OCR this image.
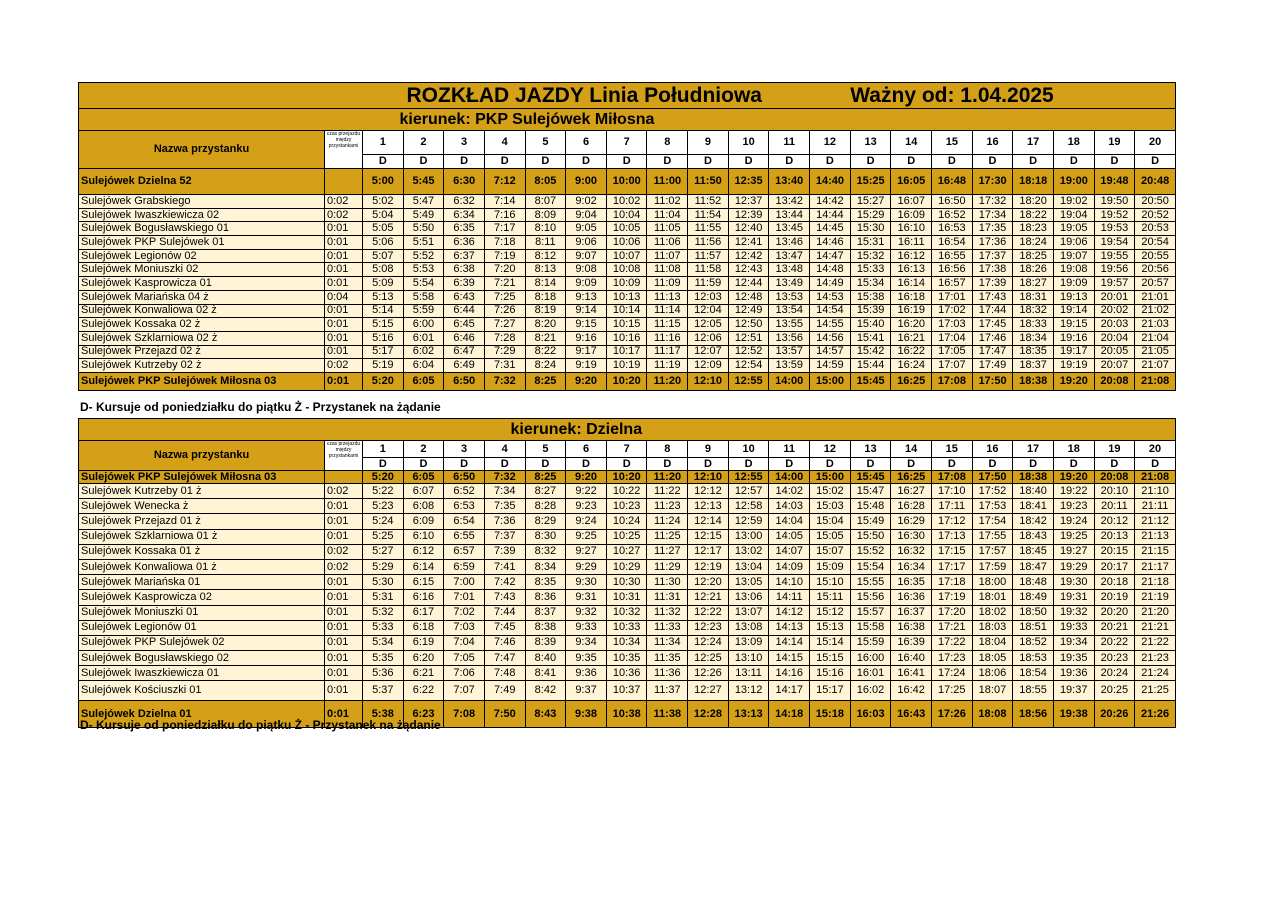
		ROZKŁAD JAZDY Linia Południowa												Ważny od: 1.04.2025							
		kierunek: PKP Sulejówek Miłosna																			
Nazwa przystanku	czas przejazdu między przystankami	1	2	3	4	5	6	7	8	9	10	11	12	13	14	15	16	17	18	19	20
		D	D	D	D	D	D	D	D	D	D	D	D	D	D	D	D	D	D	D	D
Sulejówek Dzielna 52		5:00	5:45	6:30	7:12	8:05	9:00	10:00	11:00	11:50	12:35	13:40	14:40	15:25	16:05	16:48	17:30	18:18	19:00	19:48	20:48
Sulejówek Grabskiego	0:02	5:02	5:47	6:32	7:14	8:07	9:02	10:02	11:02	11:52	12:37	13:42	14:42	15:27	16:07	16:50	17:32	18:20	19:02	19:50	20:50
Sulejówek Iwaszkiewicza 02	0:02	5:04	5:49	6:34	7:16	8:09	9:04	10:04	11:04	11:54	12:39	13:44	14:44	15:29	16:09	16:52	17:34	18:22	19:04	19:52	20:52
Sulejówek Bogusławskiego 01	0:01	5:05	5:50	6:35	7:17	8:10	9:05	10:05	11:05	11:55	12:40	13:45	14:45	15:30	16:10	16:53	17:35	18:23	19:05	19:53	20:53
Sulejówek PKP Sulejówek 01	0:01	5:06	5:51	6:36	7:18	8:11	9:06	10:06	11:06	11:56	12:41	13:46	14:46	15:31	16:11	16:54	17:36	18:24	19:06	19:54	20:54
Sulejówek Legionów 02	0:01	5:07	5:52	6:37	7:19	8:12	9:07	10:07	11:07	11:57	12:42	13:47	14:47	15:32	16:12	16:55	17:37	18:25	19:07	19:55	20:55
Sulejówek Moniuszki 02	0:01	5:08	5:53	6:38	7:20	8:13	9:08	10:08	11:08	11:58	12:43	13:48	14:48	15:33	16:13	16:56	17:38	18:26	19:08	19:56	20:56
Sulejówek Kasprowicza 01	0:01	5:09	5:54	6:39	7:21	8:14	9:09	10:09	11:09	11:59	12:44	13:49	14:49	15:34	16:14	16:57	17:39	18:27	19:09	19:57	20:57
Sulejówek Mariańska 04 ż	0:04	5:13	5:58	6:43	7:25	8:18	9:13	10:13	11:13	12:03	12:48	13:53	14:53	15:38	16:18	17:01	17:43	18:31	19:13	20:01	21:01
Sulejówek Konwaliowa 02 ż	0:01	5:14	5:59	6:44	7:26	8:19	9:14	10:14	11:14	12:04	12:49	13:54	14:54	15:39	16:19	17:02	17:44	18:32	19:14	20:02	21:02
Sulejówek Kossaka 02 ż	0:01	5:15	6:00	6:45	7:27	8:20	9:15	10:15	11:15	12:05	12:50	13:55	14:55	15:40	16:20	17:03	17:45	18:33	19:15	20:03	21:03
Sulejówek Szklarniowa 02 ż	0:01	5:16	6:01	6:46	7:28	8:21	9:16	10:16	11:16	12:06	12:51	13:56	14:56	15:41	16:21	17:04	17:46	18:34	19:16	20:04	21:04
Sulejówek Przejazd 02 ż	0:01	5:17	6:02	6:47	7:29	8:22	9:17	10:17	11:17	12:07	12:52	13:57	14:57	15:42	16:22	17:05	17:47	18:35	19:17	20:05	21:05
Sulejówek Kutrzeby 02 ż	0:02	5:19	6:04	6:49	7:31	8:24	9:19	10:19	11:19	12:09	12:54	13:59	14:59	15:44	16:24	17:07	17:49	18:37	19:19	20:07	21:07
Sulejówek PKP Sulejówek Miłosna 03	0:01	5:20	6:05	6:50	7:32	8:25	9:20	10:20	11:20	12:10	12:55	14:00	15:00	15:45	16:25	17:08	17:50	18:38	19:20	20:08	21:08
D- Kursuje od poniedziałku do piątku Ż - Przystanek na żądanie
		kierunek: Dzielna																			
Nazwa przystanku	czas przejazdu między przystankami	1	2	3	4	5	6	7	8	9	10	11	12	13	14	15	16	17	18	19	20
		D	D	D	D	D	D	D	D	D	D	D	D	D	D	D	D	D	D	D	D
Sulejówek PKP Sulejówek Miłosna 03		5:20	6:05	6:50	7:32	8:25	9:20	10:20	11:20	12:10	12:55	14:00	15:00	15:45	16:25	17:08	17:50	18:38	19:20	20:08	21:08
Sulejówek Kutrzeby 01 ż	0:02	5:22	6:07	6:52	7:34	8:27	9:22	10:22	11:22	12:12	12:57	14:02	15:02	15:47	16:27	17:10	17:52	18:40	19:22	20:10	21:10
Sulejówek Wenecka ż	0:01	5:23	6:08	6:53	7:35	8:28	9:23	10:23	11:23	12:13	12:58	14:03	15:03	15:48	16:28	17:11	17:53	18:41	19:23	20:11	21:11
Sulejówek Przejazd 01 ż	0:01	5:24	6:09	6:54	7:36	8:29	9:24	10:24	11:24	12:14	12:59	14:04	15:04	15:49	16:29	17:12	17:54	18:42	19:24	20:12	21:12
Sulejówek Szklarniowa 01 ż	0:01	5:25	6:10	6:55	7:37	8:30	9:25	10:25	11:25	12:15	13:00	14:05	15:05	15:50	16:30	17:13	17:55	18:43	19:25	20:13	21:13
Sulejówek Kossaka 01 ż	0:02	5:27	6:12	6:57	7:39	8:32	9:27	10:27	11:27	12:17	13:02	14:07	15:07	15:52	16:32	17:15	17:57	18:45	19:27	20:15	21:15
Sulejówek Konwaliowa 01 ż	0:02	5:29	6:14	6:59	7:41	8:34	9:29	10:29	11:29	12:19	13:04	14:09	15:09	15:54	16:34	17:17	17:59	18:47	19:29	20:17	21:17
Sulejówek Mariańska 01	0:01	5:30	6:15	7:00	7:42	8:35	9:30	10:30	11:30	12:20	13:05	14:10	15:10	15:55	16:35	17:18	18:00	18:48	19:30	20:18	21:18
Sulejówek Kasprowicza 02	0:01	5:31	6:16	7:01	7:43	8:36	9:31	10:31	11:31	12:21	13:06	14:11	15:11	15:56	16:36	17:19	18:01	18:49	19:31	20:19	21:19
Sulejówek Moniuszki 01	0:01	5:32	6:17	7:02	7:44	8:37	9:32	10:32	11:32	12:22	13:07	14:12	15:12	15:57	16:37	17:20	18:02	18:50	19:32	20:20	21:20
Sulejówek Legionów 01	0:01	5:33	6:18	7:03	7:45	8:38	9:33	10:33	11:33	12:23	13:08	14:13	15:13	15:58	16:38	17:21	18:03	18:51	19:33	20:21	21:21
Sulejówek PKP Sulejówek 02	0:01	5:34	6:19	7:04	7:46	8:39	9:34	10:34	11:34	12:24	13:09	14:14	15:14	15:59	16:39	17:22	18:04	18:52	19:34	20:22	21:22
Sulejówek Bogusławskiego 02	0:01	5:35	6:20	7:05	7:47	8:40	9:35	10:35	11:35	12:25	13:10	14:15	15:15	16:00	16:40	17:23	18:05	18:53	19:35	20:23	21:23
Sulejówek Iwaszkiewicza 01	0:01	5:36	6:21	7:06	7:48	8:41	9:36	10:36	11:36	12:26	13:11	14:16	15:16	16:01	16:41	17:24	18:06	18:54	19:36	20:24	21:24
Sulejówek Kościuszki 01	0:01	5:37	6:22	7:07	7:49	8:42	9:37	10:37	11:37	12:27	13:12	14:17	15:17	16:02	16:42	17:25	18:07	18:55	19:37	20:25	21:25
Sulejówek Dzielna 01	0:01	5:38	6:23	7:08	7:50	8:43	9:38	10:38	11:38	12:28	13:13	14:18	15:18	16:03	16:43	17:26	18:08	18:56	19:38	20:26	21:26
D- Kursuje od poniedziałku do piątku Ż - Przystanek na żądanie
